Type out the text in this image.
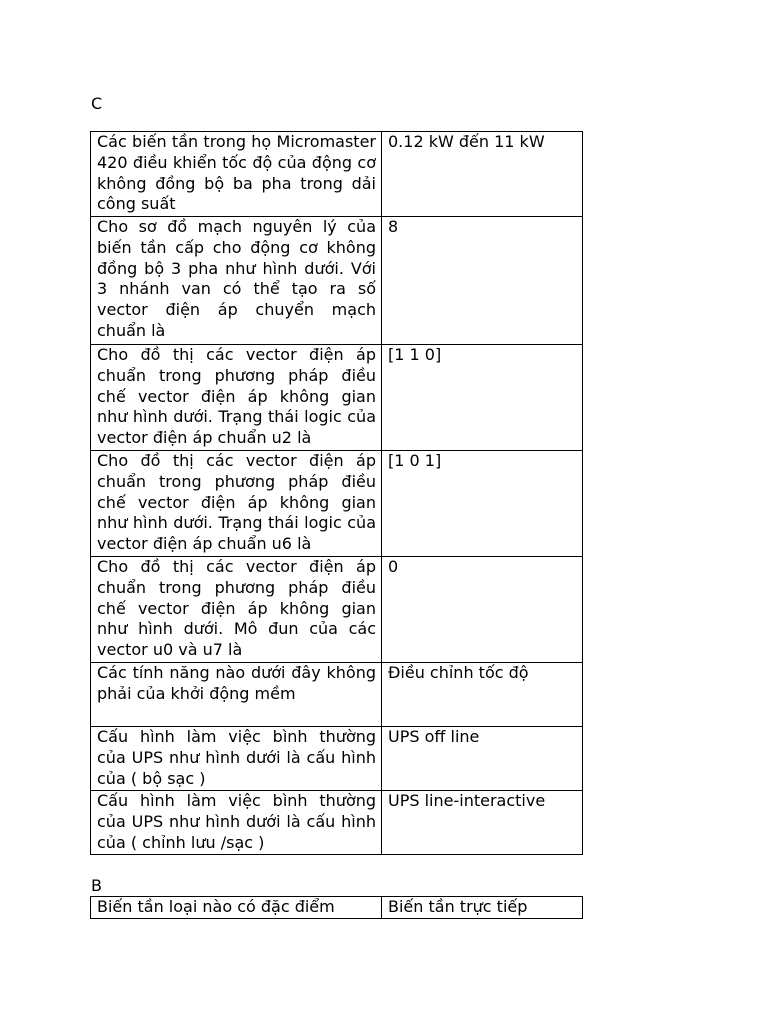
C
Các biến tần trong họ Micromaster 420 điều khiển tốc độ của động cơ không đồng bộ ba pha trong dải công suất	0.12 kW đến 11 kW
Cho sơ đồ mạch nguyên lý của biến tần cấp cho động cơ không đồng bộ 3 pha như hình dưới. Với 3 nhánh van có thể tạo ra số vector điện áp chuyển mạch chuẩn là	8
Cho đồ thị các vector điện áp chuẩn trong phương pháp điều chế vector điện áp không gian như hình dưới. Trạng thái logic của vector điện áp chuẩn u2 là	[1 1 0]
Cho đồ thị các vector điện áp chuẩn trong phương pháp điều chế vector điện áp không gian như hình dưới. Trạng thái logic của vector điện áp chuẩn u6 là	[1 0 1]
Cho đồ thị các vector điện áp chuẩn trong phương pháp điều chế vector điện áp không gian như hình dưới. Mô đun của các vector u0 và u7 là	0
Các tính năng nào dưới đây không phải của khởi động mềm	Điều chỉnh tốc độ
Cấu hình làm việc bình thường của UPS như hình dưới là cấu hình của ( bộ sạc )	UPS off line
Cấu hình làm việc bình thường của UPS như hình dưới là cấu hình của ( chỉnh lưu /sạc )	UPS line-interactive
B
Biến tần loại nào có đặc điểm	Biến tần trực tiếp
